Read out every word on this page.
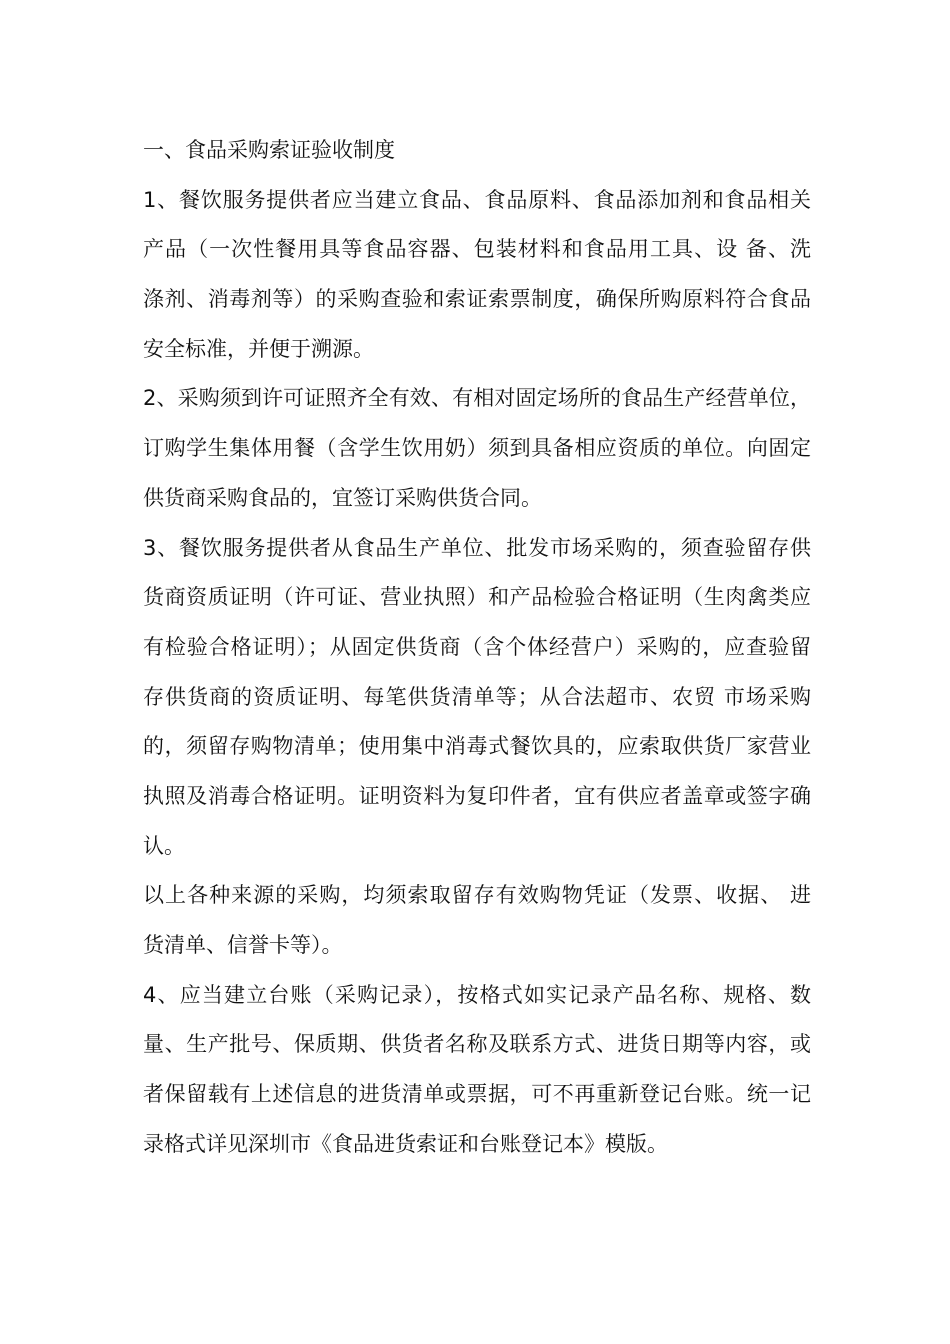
一、食品采购索证验收制度
1、餐饮服务提供者应当建立食品、食品原料、食品添加剂和食品相关
产品（一次性餐用具等食品容器、包装材料和食品用工具、设 备、洗
涤剂、消毒剂等）的采购查验和索证索票制度，确保所购原料符合食品
安全标准，并便于溯源。
2、采购须到许可证照齐全有效、有相对固定场所的食品生产经营单位，
订购学生集体用餐（含学生饮用奶）须到具备相应资质的单位。向固定
供货商采购食品的，宜签订采购供货合同。
3、餐饮服务提供者从食品生产单位、批发市场采购的，须查验留存供
货商资质证明（许可证、营业执照）和产品检验合格证明（生肉禽类应
有检验合格证明）；从固定供货商（含个体经营户）采购的，应查验留
存供货商的资质证明、每笔供货清单等；从合法超市、农贸 市场采购
的，须留存购物清单；使用集中消毒式餐饮具的，应索取供货厂家营业
执照及消毒合格证明。证明资料为复印件者，宜有供应者盖章或签字确
认。
以上各种来源的采购，均须索取留存有效购物凭证（发票、收据、 进
货清单、信誉卡等）。
4、应当建立台账（采购记录），按格式如实记录产品名称、规格、数
量、生产批号、保质期、供货者名称及联系方式、进货日期等内容，或
者保留载有上述信息的进货清单或票据，可不再重新登记台账。统一记
录格式详见深圳市《食品进货索证和台账登记本》模版。
